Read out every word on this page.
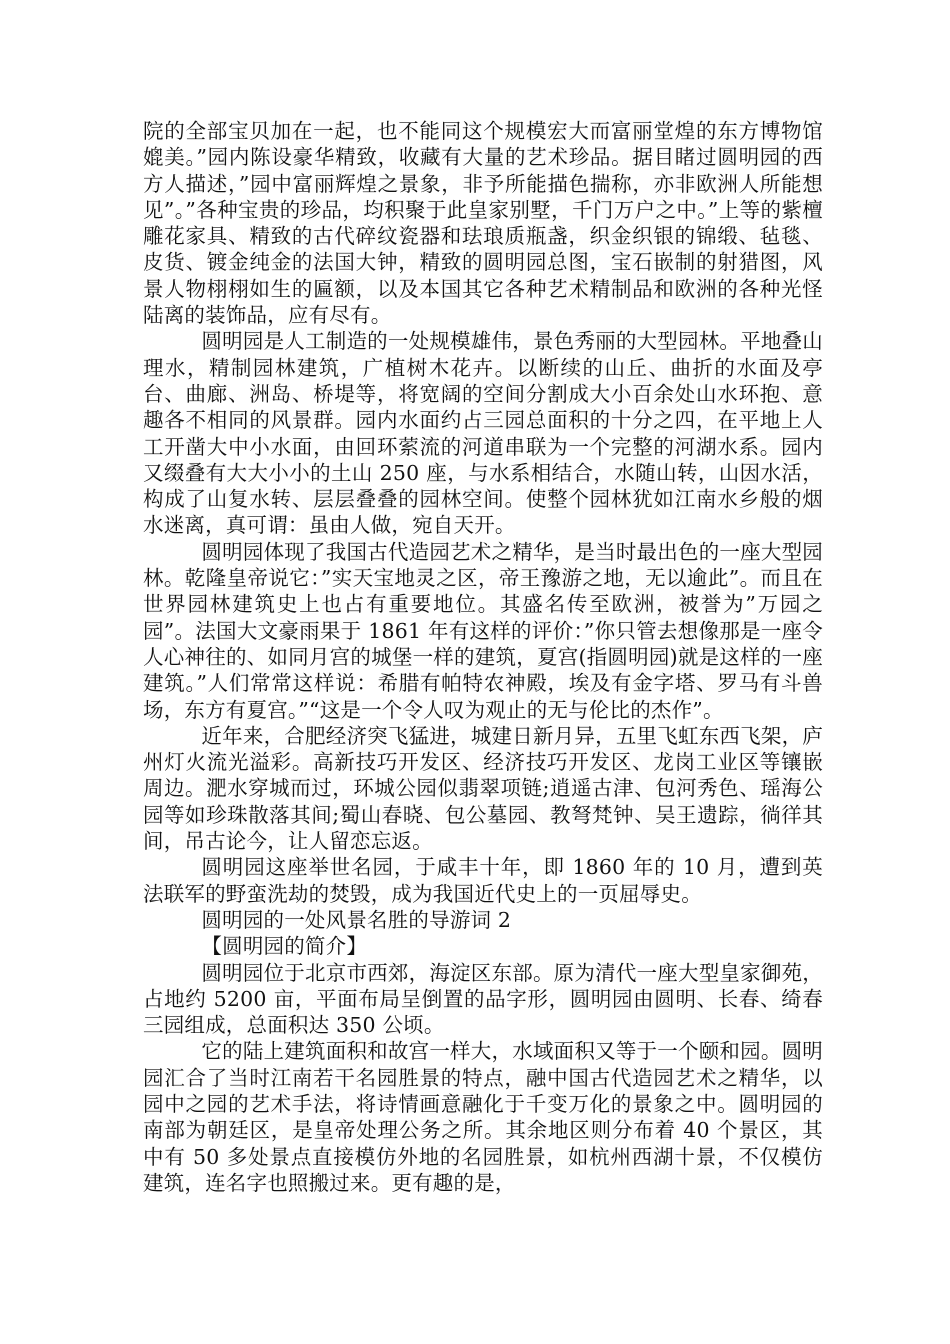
院的全部宝贝加在一起，也不能同这个规模宏大而富丽堂煌的东方博物馆媲美。”园内陈设豪华精致，收藏有大量的艺术珍品。据目睹过圆明园的西方人描述，”园中富丽辉煌之景象，非予所能描色揣称，亦非欧洲人所能想见”。”各种宝贵的珍品，均积聚于此皇家别墅，千门万户之中。”上等的紫檀雕花家具、精致的古代碎纹瓷器和珐琅质瓶盏，织金织银的锦缎、毡毯、皮货、镀金纯金的法国大钟，精致的圆明园总图，宝石嵌制的射猎图，风景人物栩栩如生的匾额，以及本国其它各种艺术精制品和欧洲的各种光怪陆离的装饰品，应有尽有。

圆明园是人工制造的一处规模雄伟，景色秀丽的大型园林。平地叠山理水，精制园林建筑，广植树木花卉。以断续的山丘、曲折的水面及亭台、曲廊、洲岛、桥堤等，将宽阔的空间分割成大小百余处山水环抱、意趣各不相同的风景群。园内水面约占三园总面积的十分之四，在平地上人工开凿大中小水面，由回环萦流的河道串联为一个完整的河湖水系。园内又缀叠有大大小小的土山 250 座，与水系相结合，水随山转，山因水活，构成了山复水转、层层叠叠的园林空间。使整个园林犹如江南水乡般的烟水迷离，真可谓：虽由人做，宛自天开。

圆明园体现了我国古代造园艺术之精华，是当时最出色的一座大型园林。乾隆皇帝说它：”实天宝地灵之区，帝王豫游之地，无以逾此”。而且在世界园林建筑史上也占有重要地位。其盛名传至欧洲，被誉为”万园之园”。法国大文豪雨果于 1861 年有这样的评价：”你只管去想像那是一座令人心神往的、如同月宫的城堡一样的建筑，夏宫(指圆明园)就是这样的一座建筑。”人们常常这样说：希腊有帕特农神殿，埃及有金字塔、罗马有斗兽场，东方有夏宫。”“这是一个令人叹为观止的无与伦比的杰作”。

近年来，合肥经济突飞猛进，城建日新月异，五里飞虹东西飞架，庐州灯火流光溢彩。高新技巧开发区、经济技巧开发区、龙岗工业区等镶嵌周边。淝水穿城而过，环城公园似翡翠项链;逍遥古津、包河秀色、瑶海公园等如珍珠散落其间;蜀山春晓、包公墓园、教弩梵钟、吴王遗踪，徜徉其间，吊古论今，让人留恋忘返。

圆明园这座举世名园，于咸丰十年，即 1860 年的 10 月，遭到英法联军的野蛮洗劫的焚毁，成为我国近代史上的一页屈辱史。

圆明园的一处风景名胜的导游词 2

【圆明园的简介】

圆明园位于北京市西郊，海淀区东部。原为清代一座大型皇家御苑，占地约 5200 亩，平面布局呈倒置的品字形，圆明园由圆明、长春、绮春三园组成，总面积达 350 公顷。

它的陆上建筑面积和故宫一样大，水域面积又等于一个颐和园。圆明园汇合了当时江南若干名园胜景的特点，融中国古代造园艺术之精华，以园中之园的艺术手法，将诗情画意融化于千变万化的景象之中。圆明园的南部为朝廷区，是皇帝处理公务之所。其余地区则分布着 40 个景区，其中有 50 多处景点直接模仿外地的名园胜景，如杭州西湖十景，不仅模仿建筑，连名字也照搬过来。更有趣的是，
